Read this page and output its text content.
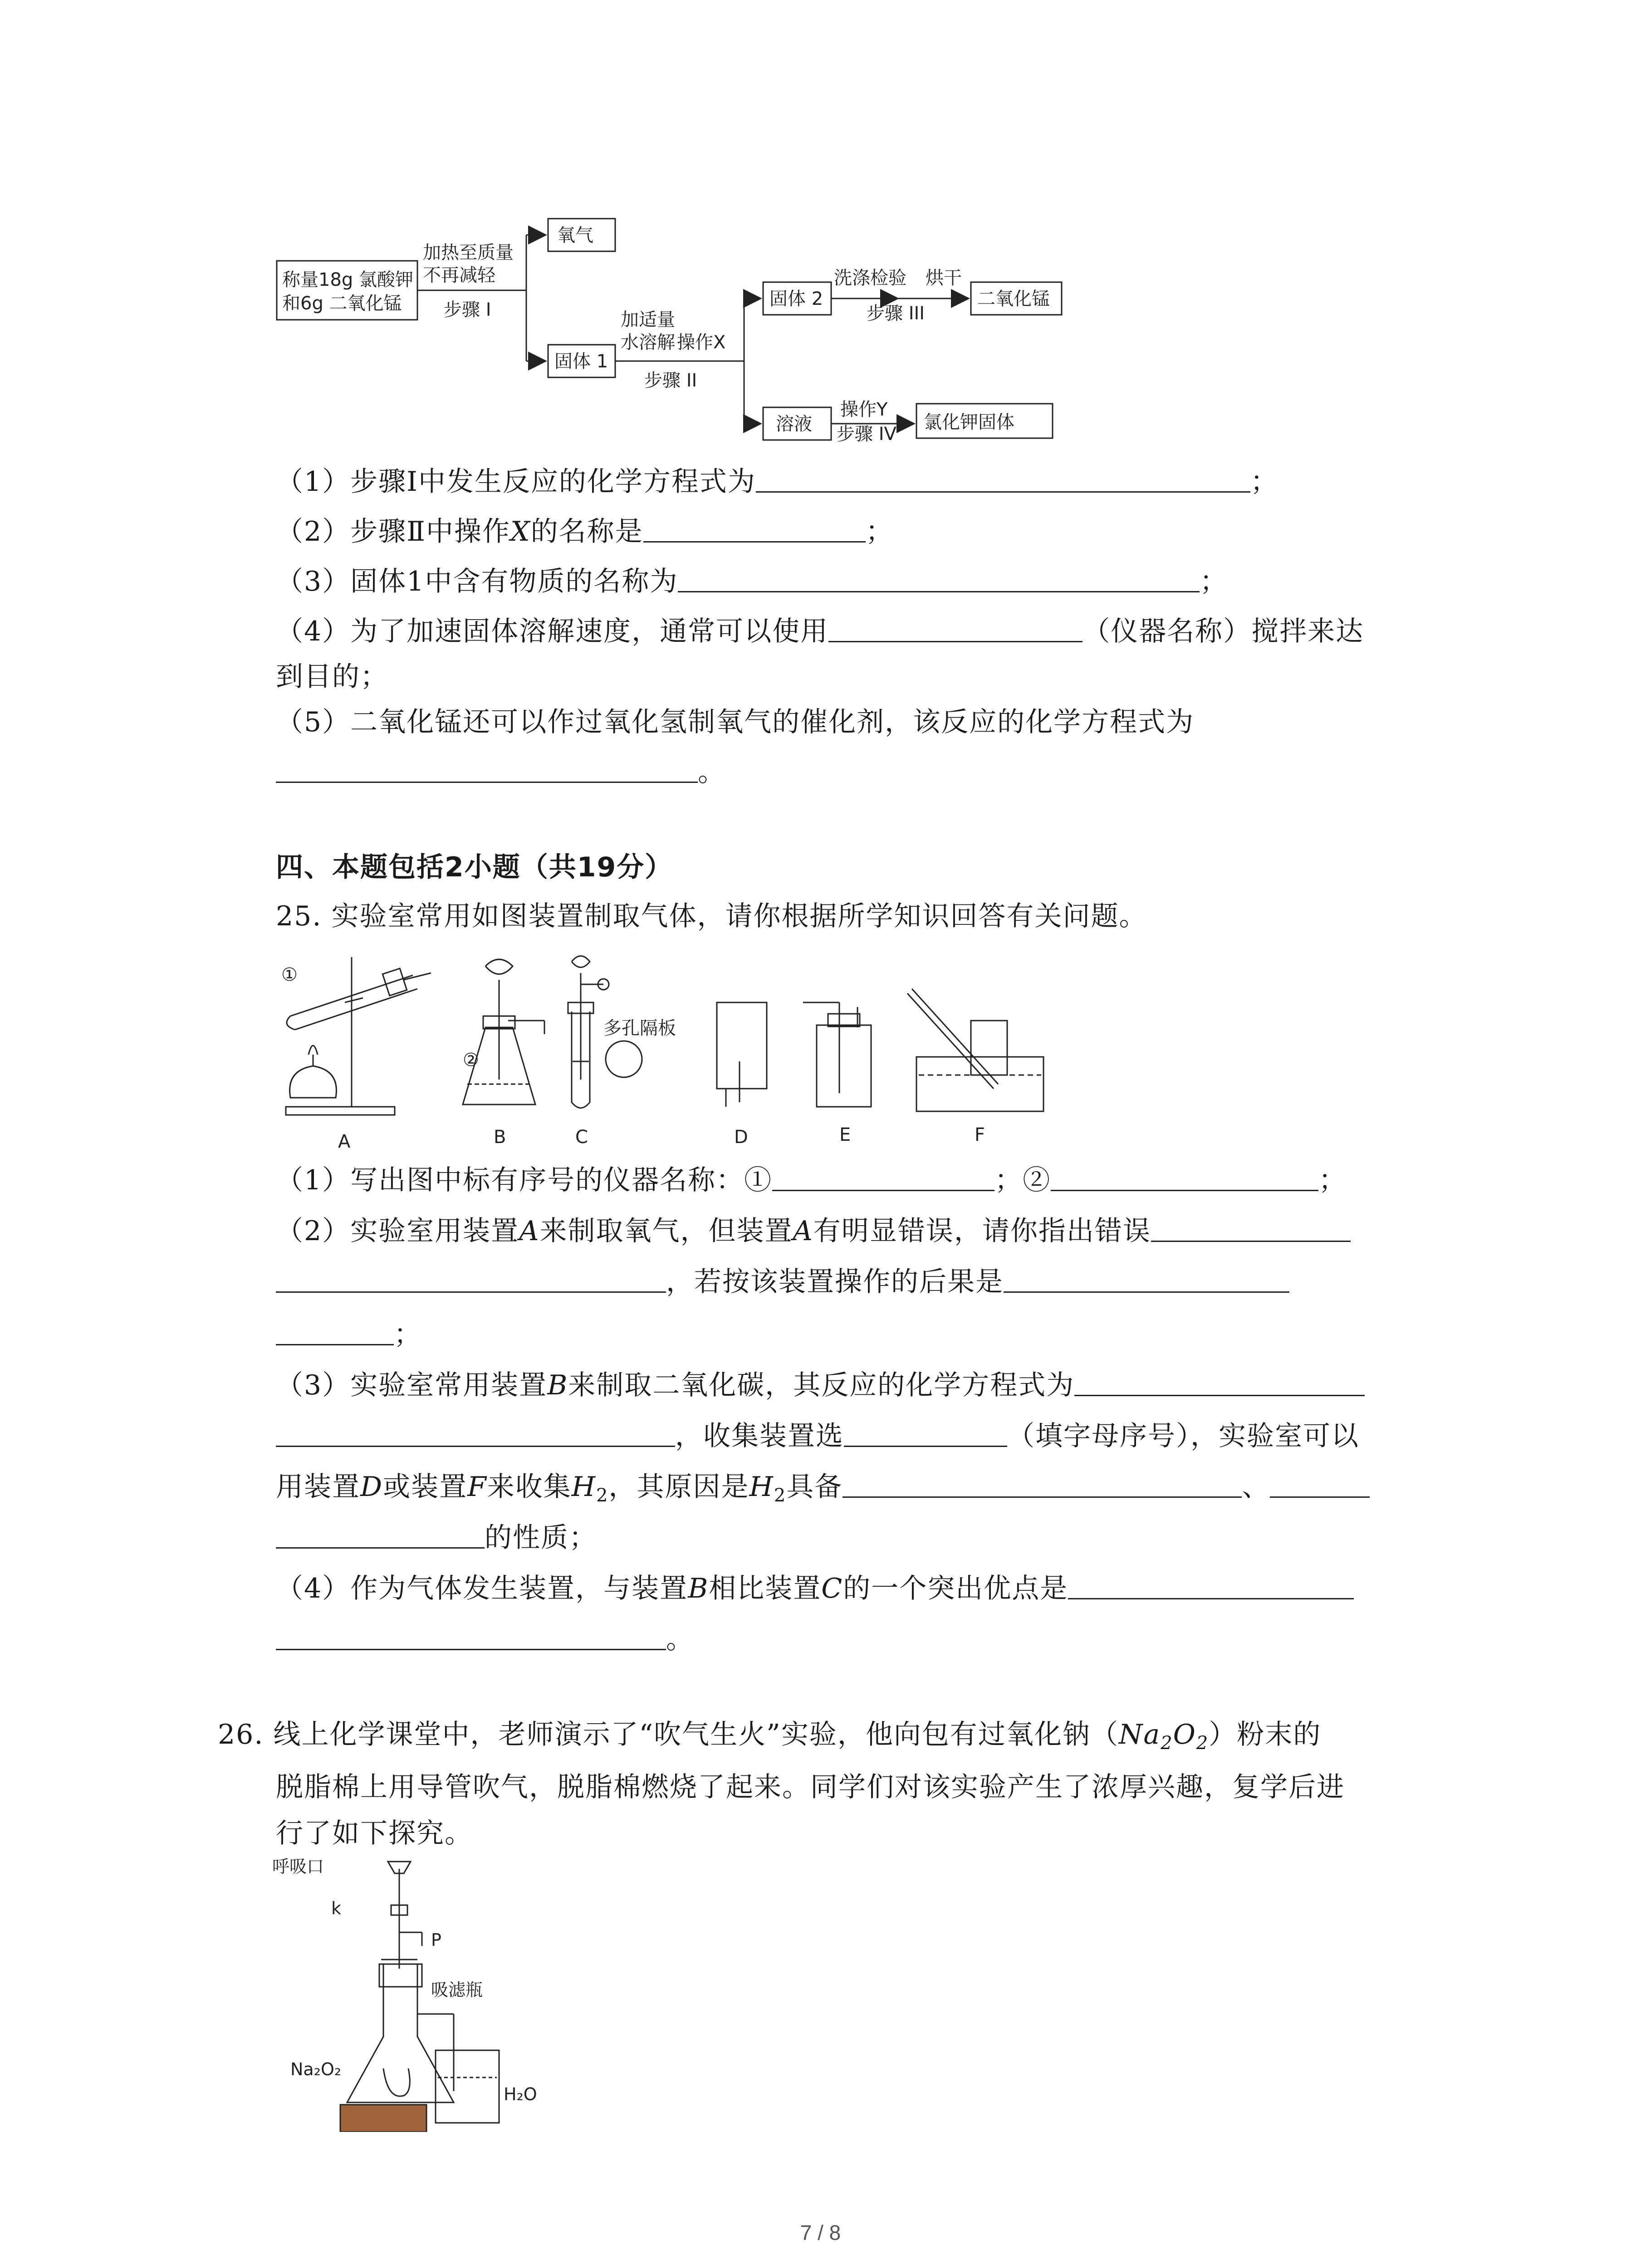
称量18g 氯酸钾
和6g 二氧化锰
加热至质量
不再减轻
步骤 I
氧气
固体 1
加适量
水溶解 操作X
步骤 II
固体 2
洗涤检验 烘干
步骤 III
二氧化锰
溶液
操作Y
步骤 IV
氯化钾固体
（1）步骤Ⅰ中发生反应的化学方程式为	；
（2）步骤Ⅱ中操作X的名称是	；
（3）固体1中含有物质的名称为	；
（4）为了加速固体溶解速度，通常可以使用	（仪器名称）搅拌来达
到目的；
（5）二氧化锰还可以作过氧化氢制氧气的催化剂，该反应的化学方程式为
。
四、本题包括2小题（共19分）
25. 实验室常用如图装置制取气体，请你根据所学知识回答有关问题。
①
②
多孔隔板
A	B	C	D	E	F
（1）写出图中标有序号的仪器名称：①	；②	；
（2）实验室用装置A来制取氧气，但装置A有明显错误，请你指出错误
，若按该装置操作的后果是
；
（3）实验室常用装置B来制取二氧化碳，其反应的化学方程式为
，收集装置选	（填字母序号），实验室可以
用装置D或装置F来收集$H_2$，其原因是$H_2$具备	、
的性质；
（4）作为气体发生装置，与装置B相比装置C的一个突出优点是
。
26. 线上化学课堂中，老师演示了“吹气生火”实验，他向包有过氧化钠$(Na_2O_2)$粉末的
脱脂棉上用导管吹气，脱脂棉燃烧了起来。同学们对该实验产生了浓厚兴趣，复学后进
行了如下探究。
呼吸口
k
P
吸滤瓶
Na₂O₂
H₂O
7 / 8
